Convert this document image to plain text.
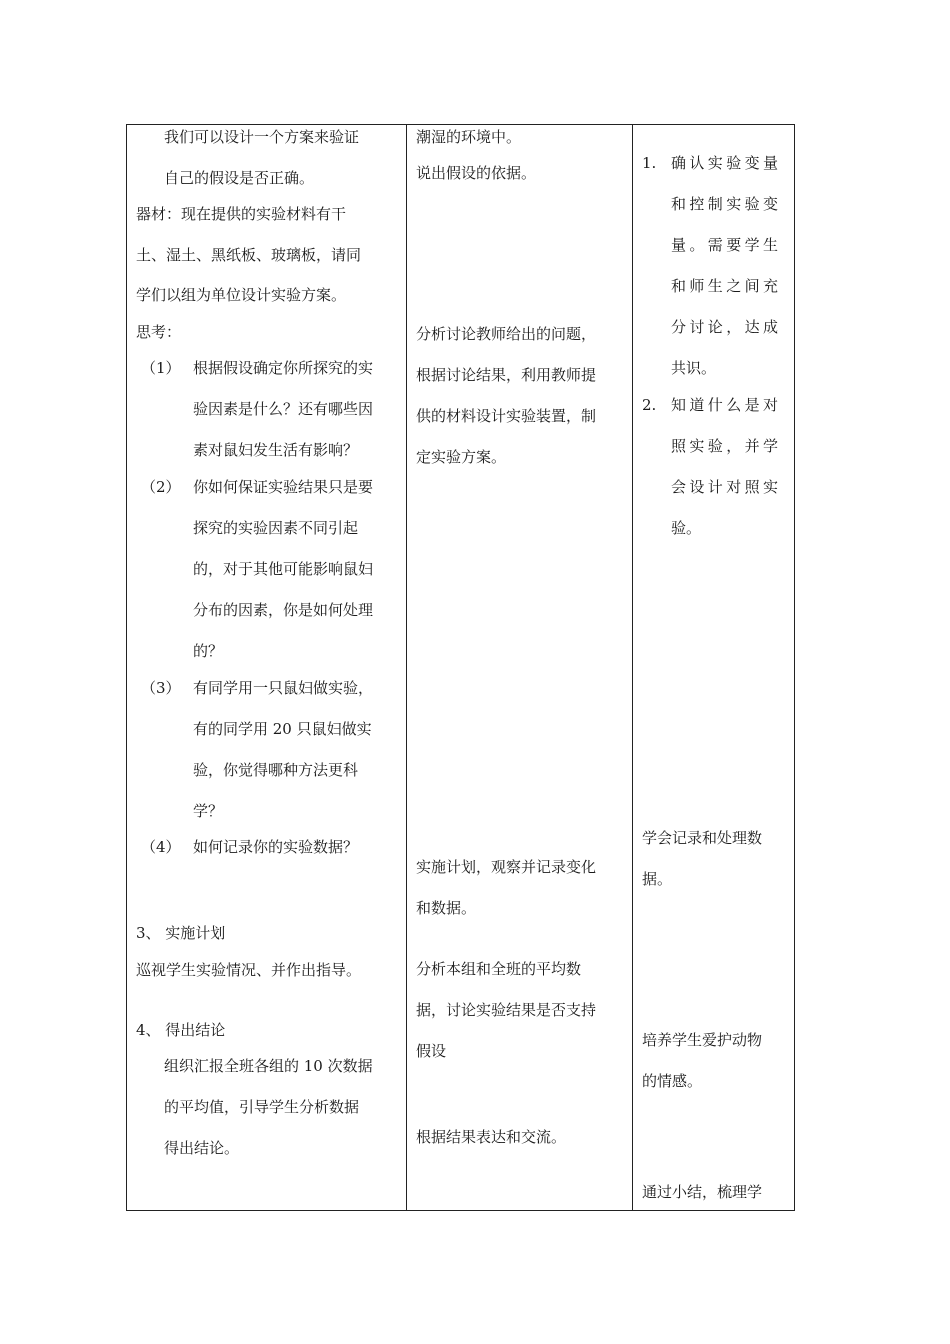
我们可以设计一个方案来验证
自己的假设是否正确。
器材：现在提供的实验材料有干
土、湿土、黑纸板、玻璃板，请同
学们以组为单位设计实验方案。
思考：
（1） 根据假设确定你所探究的实
验因素是什么？还有哪些因
素对鼠妇发生活有影响？
（2） 你如何保证实验结果只是要
探究的实验因素不同引起
的，对于其他可能影响鼠妇
分布的因素，你是如何处理
的？
（3） 有同学用一只鼠妇做实验，
有的同学用 20 只鼠妇做实
验，你觉得哪种方法更科
学？
（4） 如何记录你的实验数据？
3、 实施计划
巡视学生实验情况、并作出指导。
4、 得出结论
组织汇报全班各组的 10 次数据
的平均值，引导学生分析数据
得出结论。
潮湿的环境中。
说出假设的依据。
分析讨论教师给出的问题，
根据讨论结果，利用教师提
供的材料设计实验装置，制
定实验方案。
实施计划，观察并记录变化
和数据。
分析本组和全班的平均数
据，讨论实验结果是否支持
假设
根据结果表达和交流。
1. 确认实验变量
和控制实验变
量。需要学生
和师生之间充
分讨论，达成
共识。
2. 知道什么是对
照实验，并学
会设计对照实
验。
学会记录和处理数
据。
培养学生爱护动物
的情感。
通过小结，梳理学
